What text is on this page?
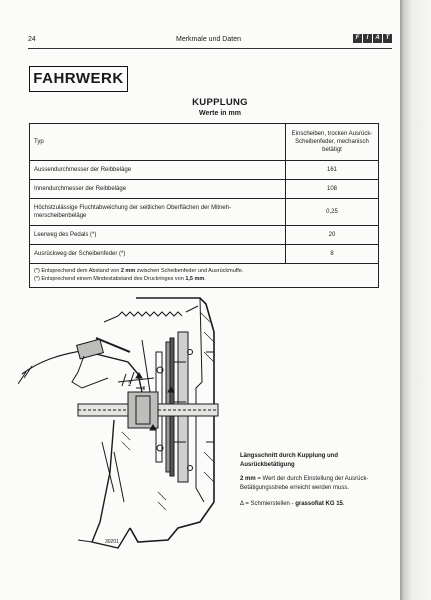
24	Merkmale und Daten	F	I	A T
FAHRWERK
KUPPLUNG
Werte in mm
Typ	Einscheiben, trocken Ausrück-Scheibenfeder, mechanisch betätigt
Aussendurchmesser der Reibbeläge	161
Innendurchmesser der Reibbeläge	108
Höchstzulässige Fluchtabweichung der seitlichen Oberflächen der Mitneh-merscheibenbeläge	0,25
Leerweg des Pedals (*)	20
Ausrückweg der Scheibenfeder (*)	8

(*) Entsprechend dem Abstand von 2 mm zwischen Scheibenfeder und Ausrückmuffe.
(*) Entsprechend einem Mindestabstand des Druckringes von 1,5 mm.	
2
30201
Längsschnitt durch Kupplung und Ausrückbetätigung
2 mm = Wert der durch Einstellung der Ausrück-Betätigungsstrebe erreicht werden muss.
Δ = Schmierstellen - grassofiat KG 15.
